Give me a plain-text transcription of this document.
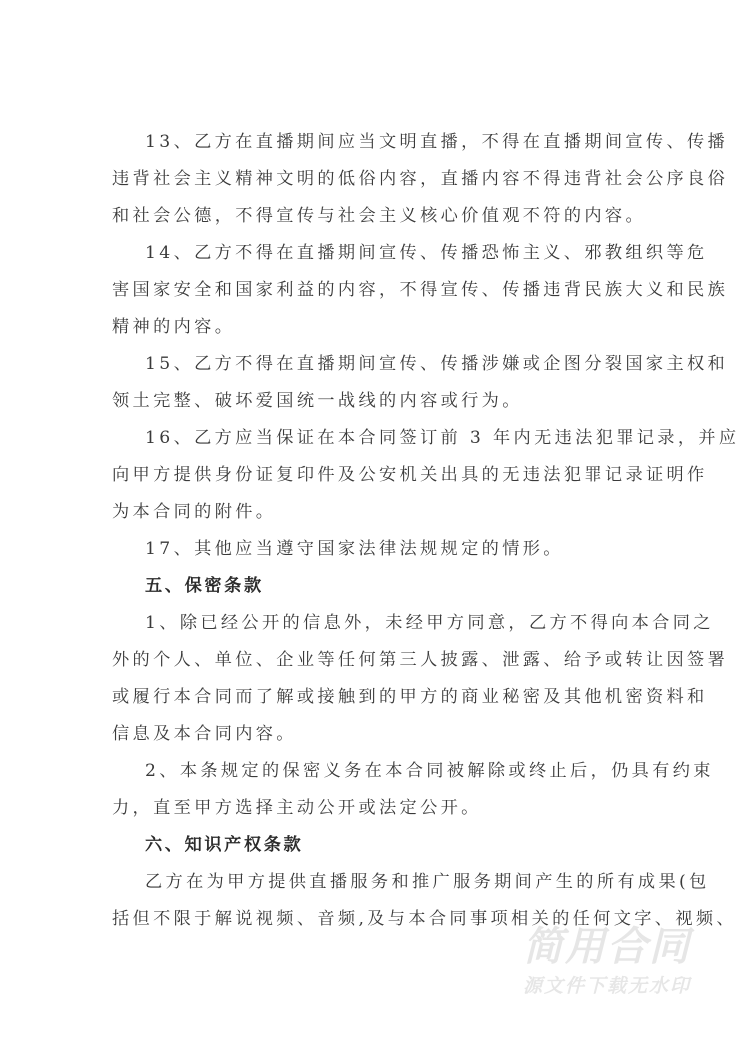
13、乙方在直播期间应当文明直播，不得在直播期间宣传、传播
违背社会主义精神文明的低俗内容，直播内容不得违背社会公序良俗
和社会公德，不得宣传与社会主义核心价值观不符的内容。
14、乙方不得在直播期间宣传、传播恐怖主义、邪教组织等危
害国家安全和国家利益的内容，不得宣传、传播违背民族大义和民族
精神的内容。
15、乙方不得在直播期间宣传、传播涉嫌或企图分裂国家主权和
领土完整、破坏爱国统一战线的内容或行为。
16、乙方应当保证在本合同签订前 3 年内无违法犯罪记录，并应
向甲方提供身份证复印件及公安机关出具的无违法犯罪记录证明作
为本合同的附件。
17、其他应当遵守国家法律法规规定的情形。
五、保密条款
1、除已经公开的信息外，未经甲方同意，乙方不得向本合同之
外的个人、单位、企业等任何第三人披露、泄露、给予或转让因签署
或履行本合同而了解或接触到的甲方的商业秘密及其他机密资料和
信息及本合同内容。
2、本条规定的保密义务在本合同被解除或终止后，仍具有约束
力，直至甲方选择主动公开或法定公开。
六、知识产权条款
乙方在为甲方提供直播服务和推广服务期间产生的所有成果(包
括但不限于解说视频、音频,及与本合同事项相关的任何文字、视频、
简用合同
源文件下载无水印
